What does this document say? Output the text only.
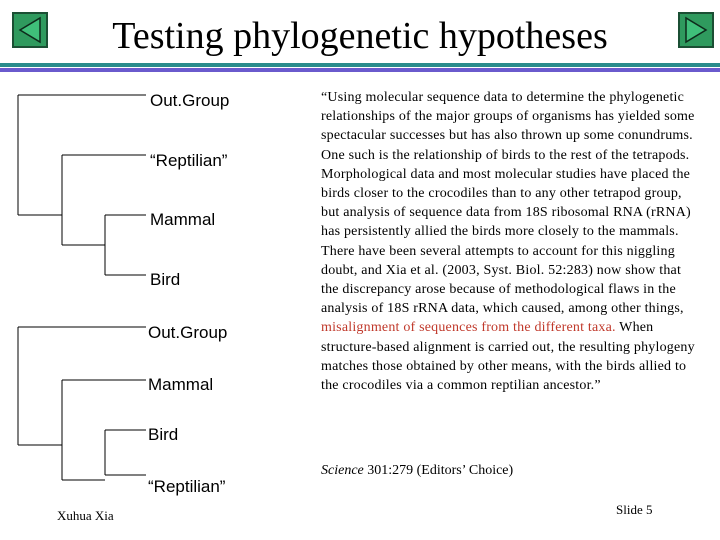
Testing phylogenetic hypotheses
Out.Group
“Reptilian”
Mammal
Bird
Out.Group
Mammal
Bird
“Reptilian”
“Using molecular sequence data to determine the phylogenetic relationships of the major groups of organisms has yielded some spectacular successes but has also thrown up some conundrums. One such is the relationship of birds to the rest of the tetrapods. Morphological data and most molecular studies have placed the birds closer to the crocodiles than to any other tetrapod group, but analysis of sequence data from 18S ribosomal RNA (rRNA) has persistently allied the birds more closely to the mammals. There have been several attempts to account for this niggling doubt, and Xia et al. (2003, Syst. Biol. 52:283) now show that the discrepancy arose because of methodological flaws in the analysis of 18S rRNA data, which caused, among other things, misalignment of sequences from the different taxa. When structure-based alignment is carried out, the resulting phylogeny matches those obtained by other means, with the birds allied to the crocodiles via a common reptilian ancestor.”
Science 301:279 (Editors’ Choice)
Xuhua Xia	Slide 5
